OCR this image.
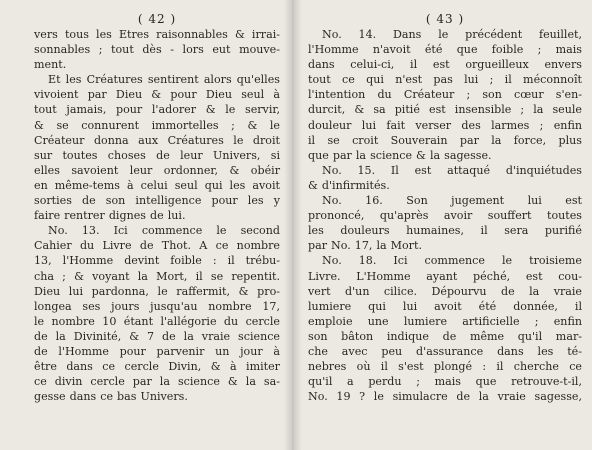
( 42 )
vers tous les Etres raisonnables & irrai-
sonnables ; tout dès - lors eut mouve-
ment.
Et les Créatures sentirent alors qu'elles
vivoient par Dieu & pour Dieu seul à
tout jamais, pour l'adorer & le servir,
& se connurent immortelles ; & le
Créateur donna aux Créatures le droit
sur toutes choses de leur Univers, si
elles savoient leur ordonner, & obéir
en même-tems à celui seul qui les avoit
sorties de son intelligence pour les y
faire rentrer dignes de lui.
No. 13. Ici commence le second
Cahier du Livre de Thot. A ce nombre
13, l'Homme devint foible : il trébu-
cha ; & voyant la Mort, il se repentit.
Dieu lui pardonna, le raffermit, & pro-
longea ses jours jusqu'au nombre 17,
le nombre 10 étant l'allégorie du cercle
de la Divinité, & 7 de la vraie science
de l'Homme pour parvenir un jour à
être dans ce cercle Divin, & à imiter
ce divin cercle par la science & la sa-
gesse dans ce bas Univers.
( 43 )
No. 14. Dans le précédent feuillet,
l'Homme n'avoit été que foible ; mais
dans celui-ci, il est orgueilleux envers
tout ce qui n'est pas lui ; il méconnoît
l'intention du Créateur ; son cœur s'en-
durcit, & sa pitié est insensible ; la seule
douleur lui fait verser des larmes ; enfin
il se croit Souverain par la force, plus
que par la science & la sagesse.
No. 15. Il est attaqué d'inquiétudes
& d'infirmités.
No. 16. Son jugement lui est
prononcé, qu'après avoir souffert toutes
les douleurs humaines, il sera purifié
par No. 17, la Mort.
No. 18. Ici commence le troisieme
Livre. L'Homme ayant péché, est cou-
vert d'un cilice. Dépourvu de la vraie
lumiere qui lui avoit été donnée, il
emploie une lumiere artificielle ; enfin
son bâton indique de même qu'il mar-
che avec peu d'assurance dans les té-
nebres où il s'est plongé : il cherche ce
qu'il a perdu ; mais que retrouve-t-il,
No. 19 ? le simulacre de la vraie sagesse,
